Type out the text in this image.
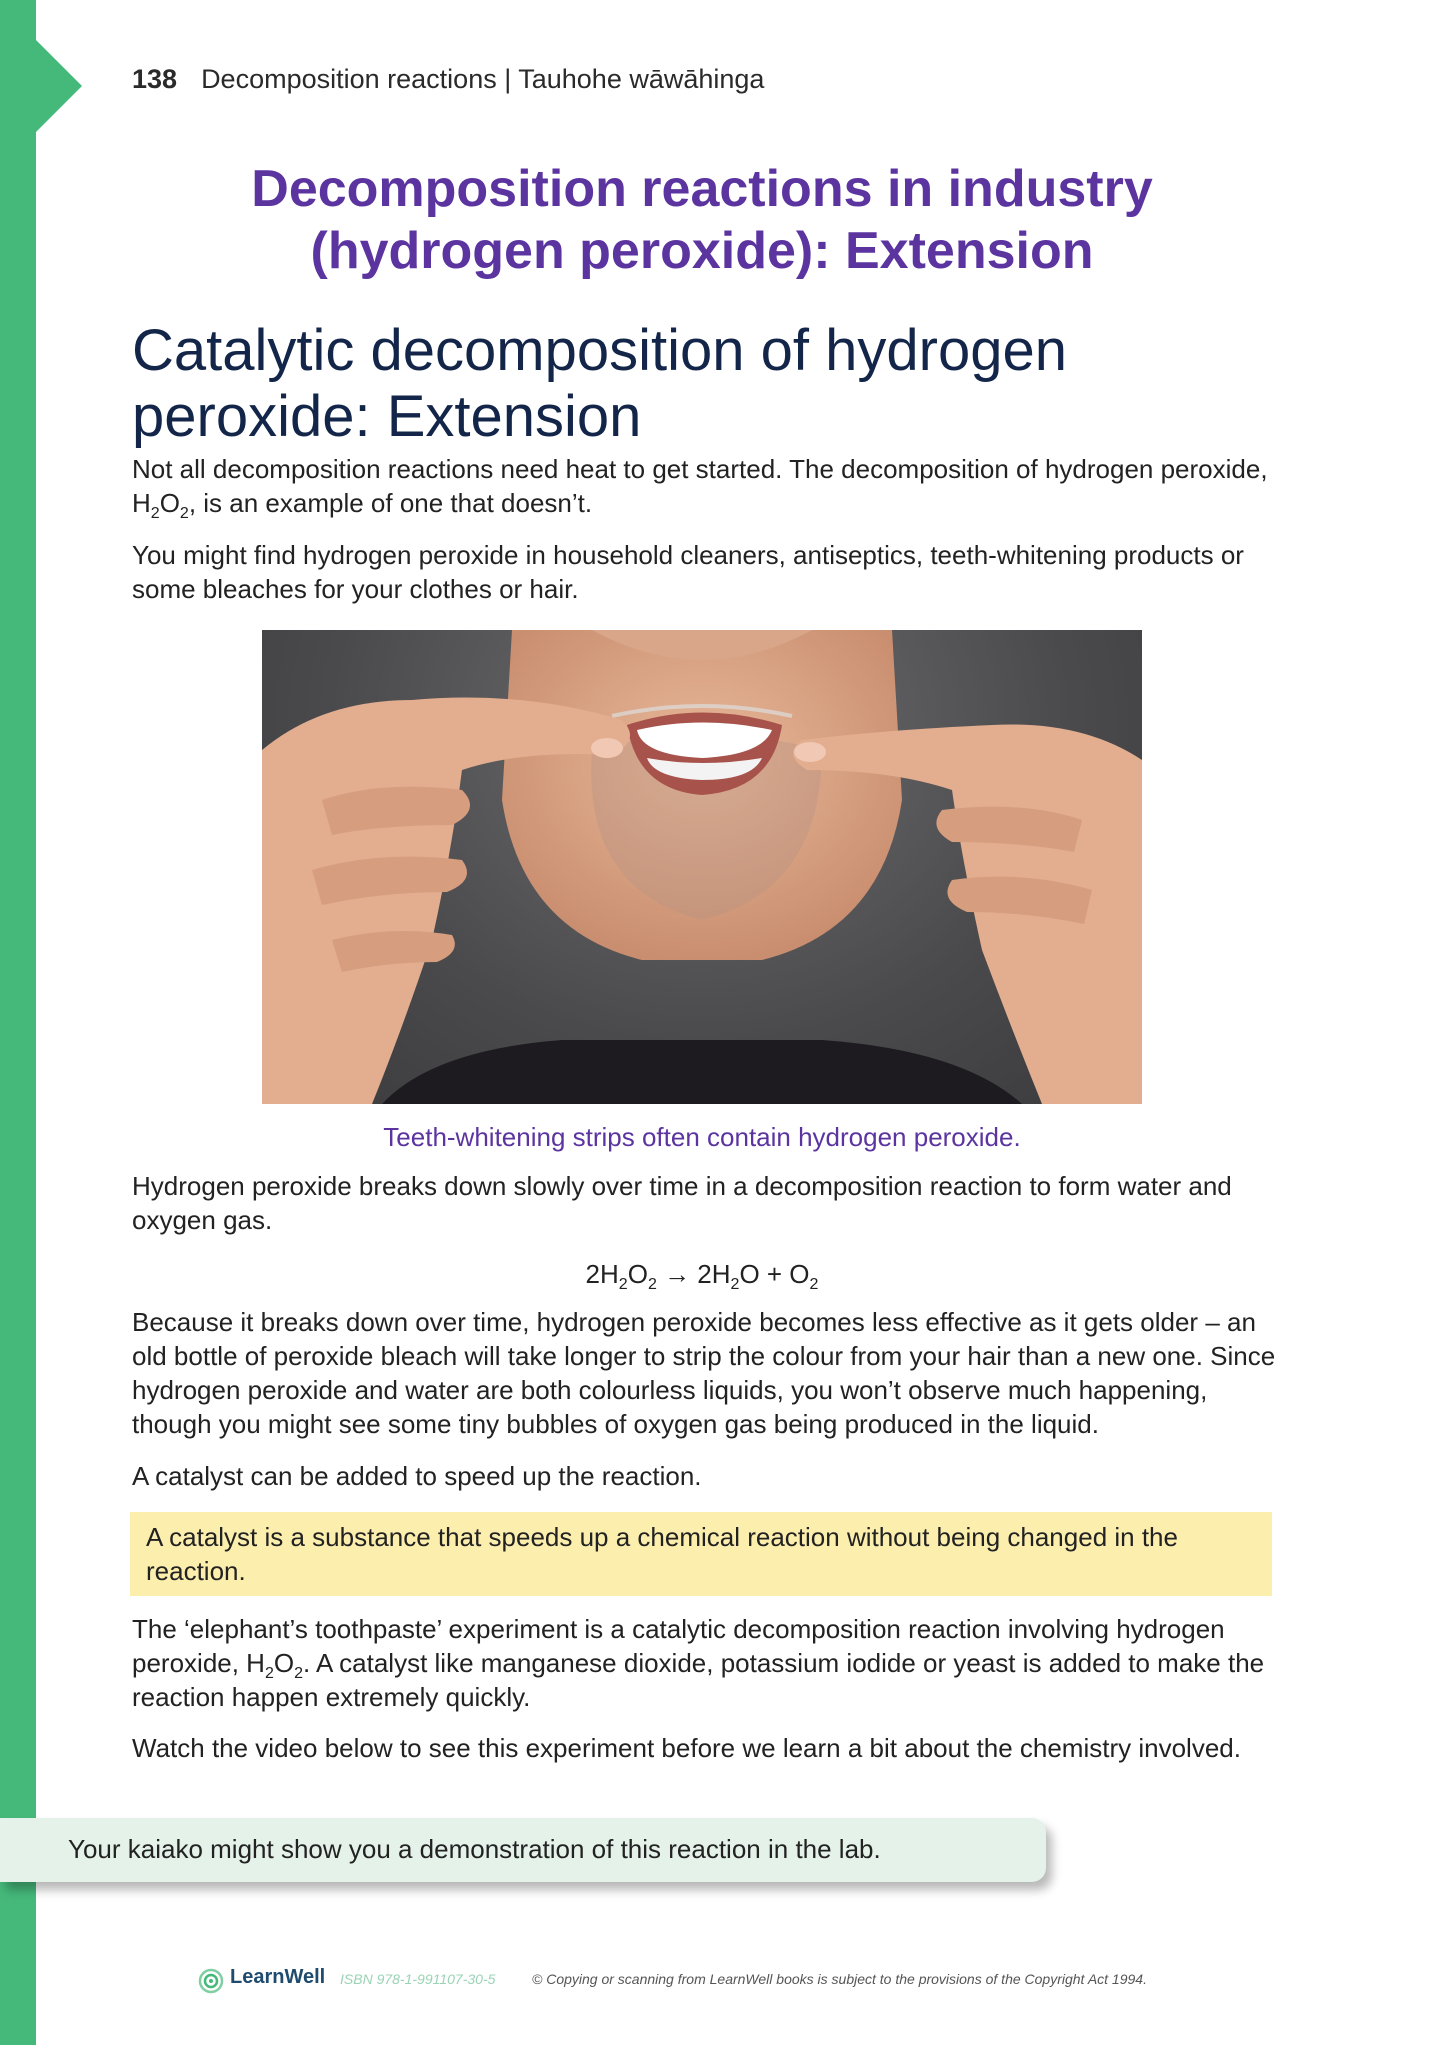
138 Decomposition reactions | Tauhohe wāwāhinga
Decomposition reactions in industry
(hydrogen peroxide): Extension
Catalytic decomposition of hydrogen
peroxide: Extension
Not all decomposition reactions need heat to get started. The decomposition of hydrogen peroxide, $H_2O_2$, is an example of one that doesn’t.
You might find hydrogen peroxide in household cleaners, antiseptics, teeth-whitening products or some bleaches for your clothes or hair.
Teeth-whitening strips often contain hydrogen peroxide.
Hydrogen peroxide breaks down slowly over time in a decomposition reaction to form water and oxygen gas.
$2H_2O_2 \to 2H_2O + O_2$
Because it breaks down over time, hydrogen peroxide becomes less effective as it gets older – an old bottle of peroxide bleach will take longer to strip the colour from your hair than a new one. Since hydrogen peroxide and water are both colourless liquids, you won’t observe much happening, though you might see some tiny bubbles of oxygen gas being produced in the liquid.
A catalyst can be added to speed up the reaction.
A catalyst is a substance that speeds up a chemical reaction without being changed in the reaction.
The ‘elephant’s toothpaste’ experiment is a catalytic decomposition reaction involving hydrogen peroxide, $H_2O_2$. A catalyst like manganese dioxide, potassium iodide or yeast is added to make the reaction happen extremely quickly.
Watch the video below to see this experiment before we learn a bit about the chemistry involved.
Your kaiako might show you a demonstration of this reaction in the lab.
LearnWell ISBN 978-1-991107-30-5	© Copying or scanning from LearnWell books is subject to the provisions of the Copyright Act 1994.
